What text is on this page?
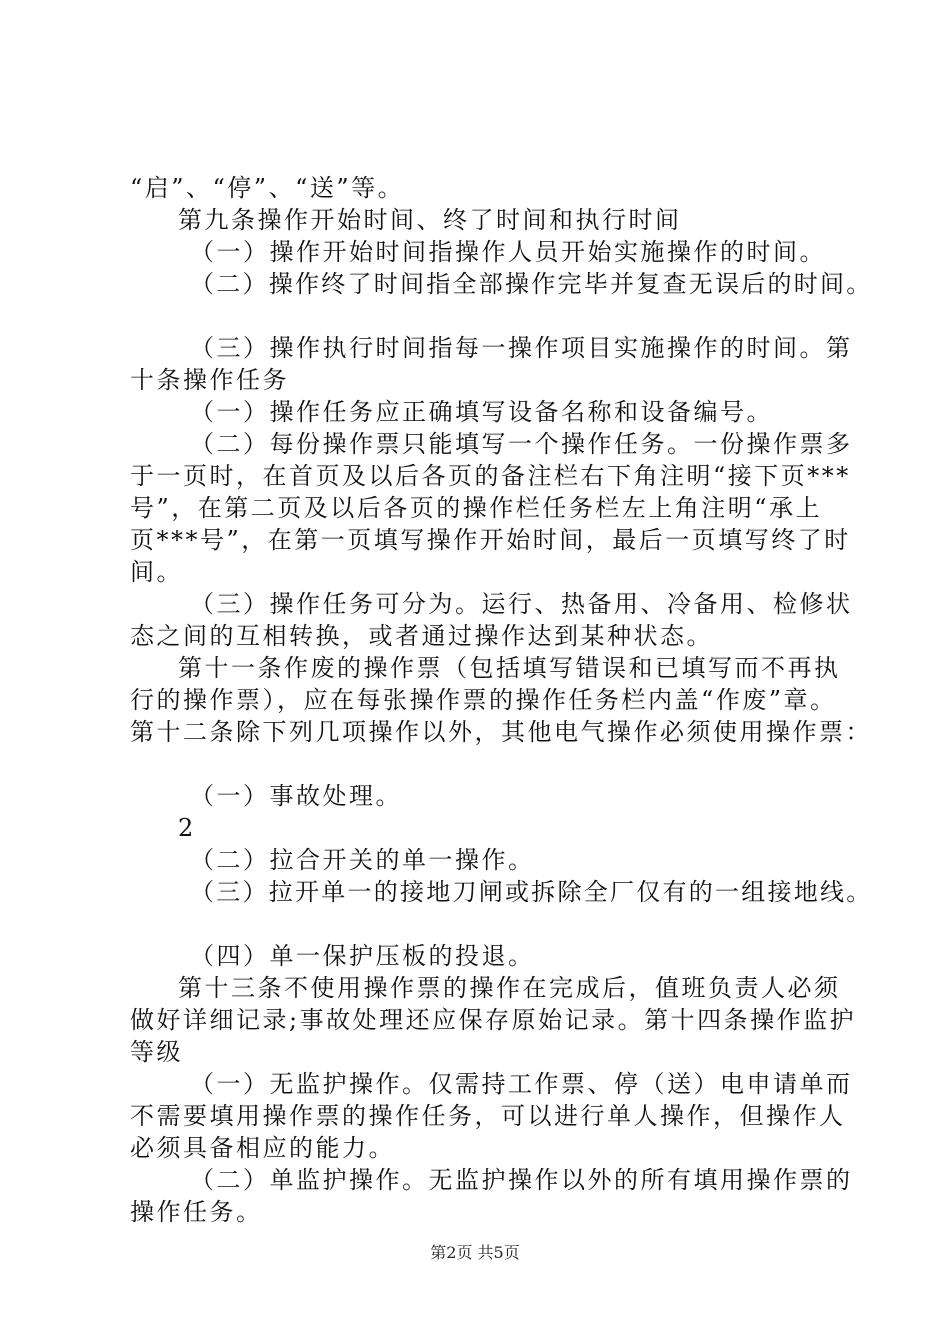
“启”、“停”、“送”等。
第九条操作开始时间、终了时间和执行时间
（一）操作开始时间指操作人员开始实施操作的时间。
（二）操作终了时间指全部操作完毕并复查无误后的时间。
（三）操作执行时间指每一操作项目实施操作的时间。第
十条操作任务
（一）操作任务应正确填写设备名称和设备编号。
（二）每份操作票只能填写一个操作任务。一份操作票多
于一页时，在首页及以后各页的备注栏右下角注明“接下页***
号”，在第二页及以后各页的操作栏任务栏左上角注明“承上
页***号”，在第一页填写操作开始时间，最后一页填写终了时
间。
（三）操作任务可分为。运行、热备用、冷备用、检修状
态之间的互相转换，或者通过操作达到某种状态。
第十一条作废的操作票（包括填写错误和已填写而不再执
行的操作票），应在每张操作票的操作任务栏内盖“作废”章。
第十二条除下列几项操作以外，其他电气操作必须使用操作票：
（一）事故处理。
2
（二）拉合开关的单一操作。
（三）拉开单一的接地刀闸或拆除全厂仅有的一组接地线。
（四）单一保护压板的投退。
第十三条不使用操作票的操作在完成后，值班负责人必须
做好详细记录;事故处理还应保存原始记录。第十四条操作监护
等级
（一）无监护操作。仅需持工作票、停（送）电申请单而
不需要填用操作票的操作任务，可以进行单人操作，但操作人
必须具备相应的能力。
（二）单监护操作。无监护操作以外的所有填用操作票的
操作任务。
第2页 共5页
